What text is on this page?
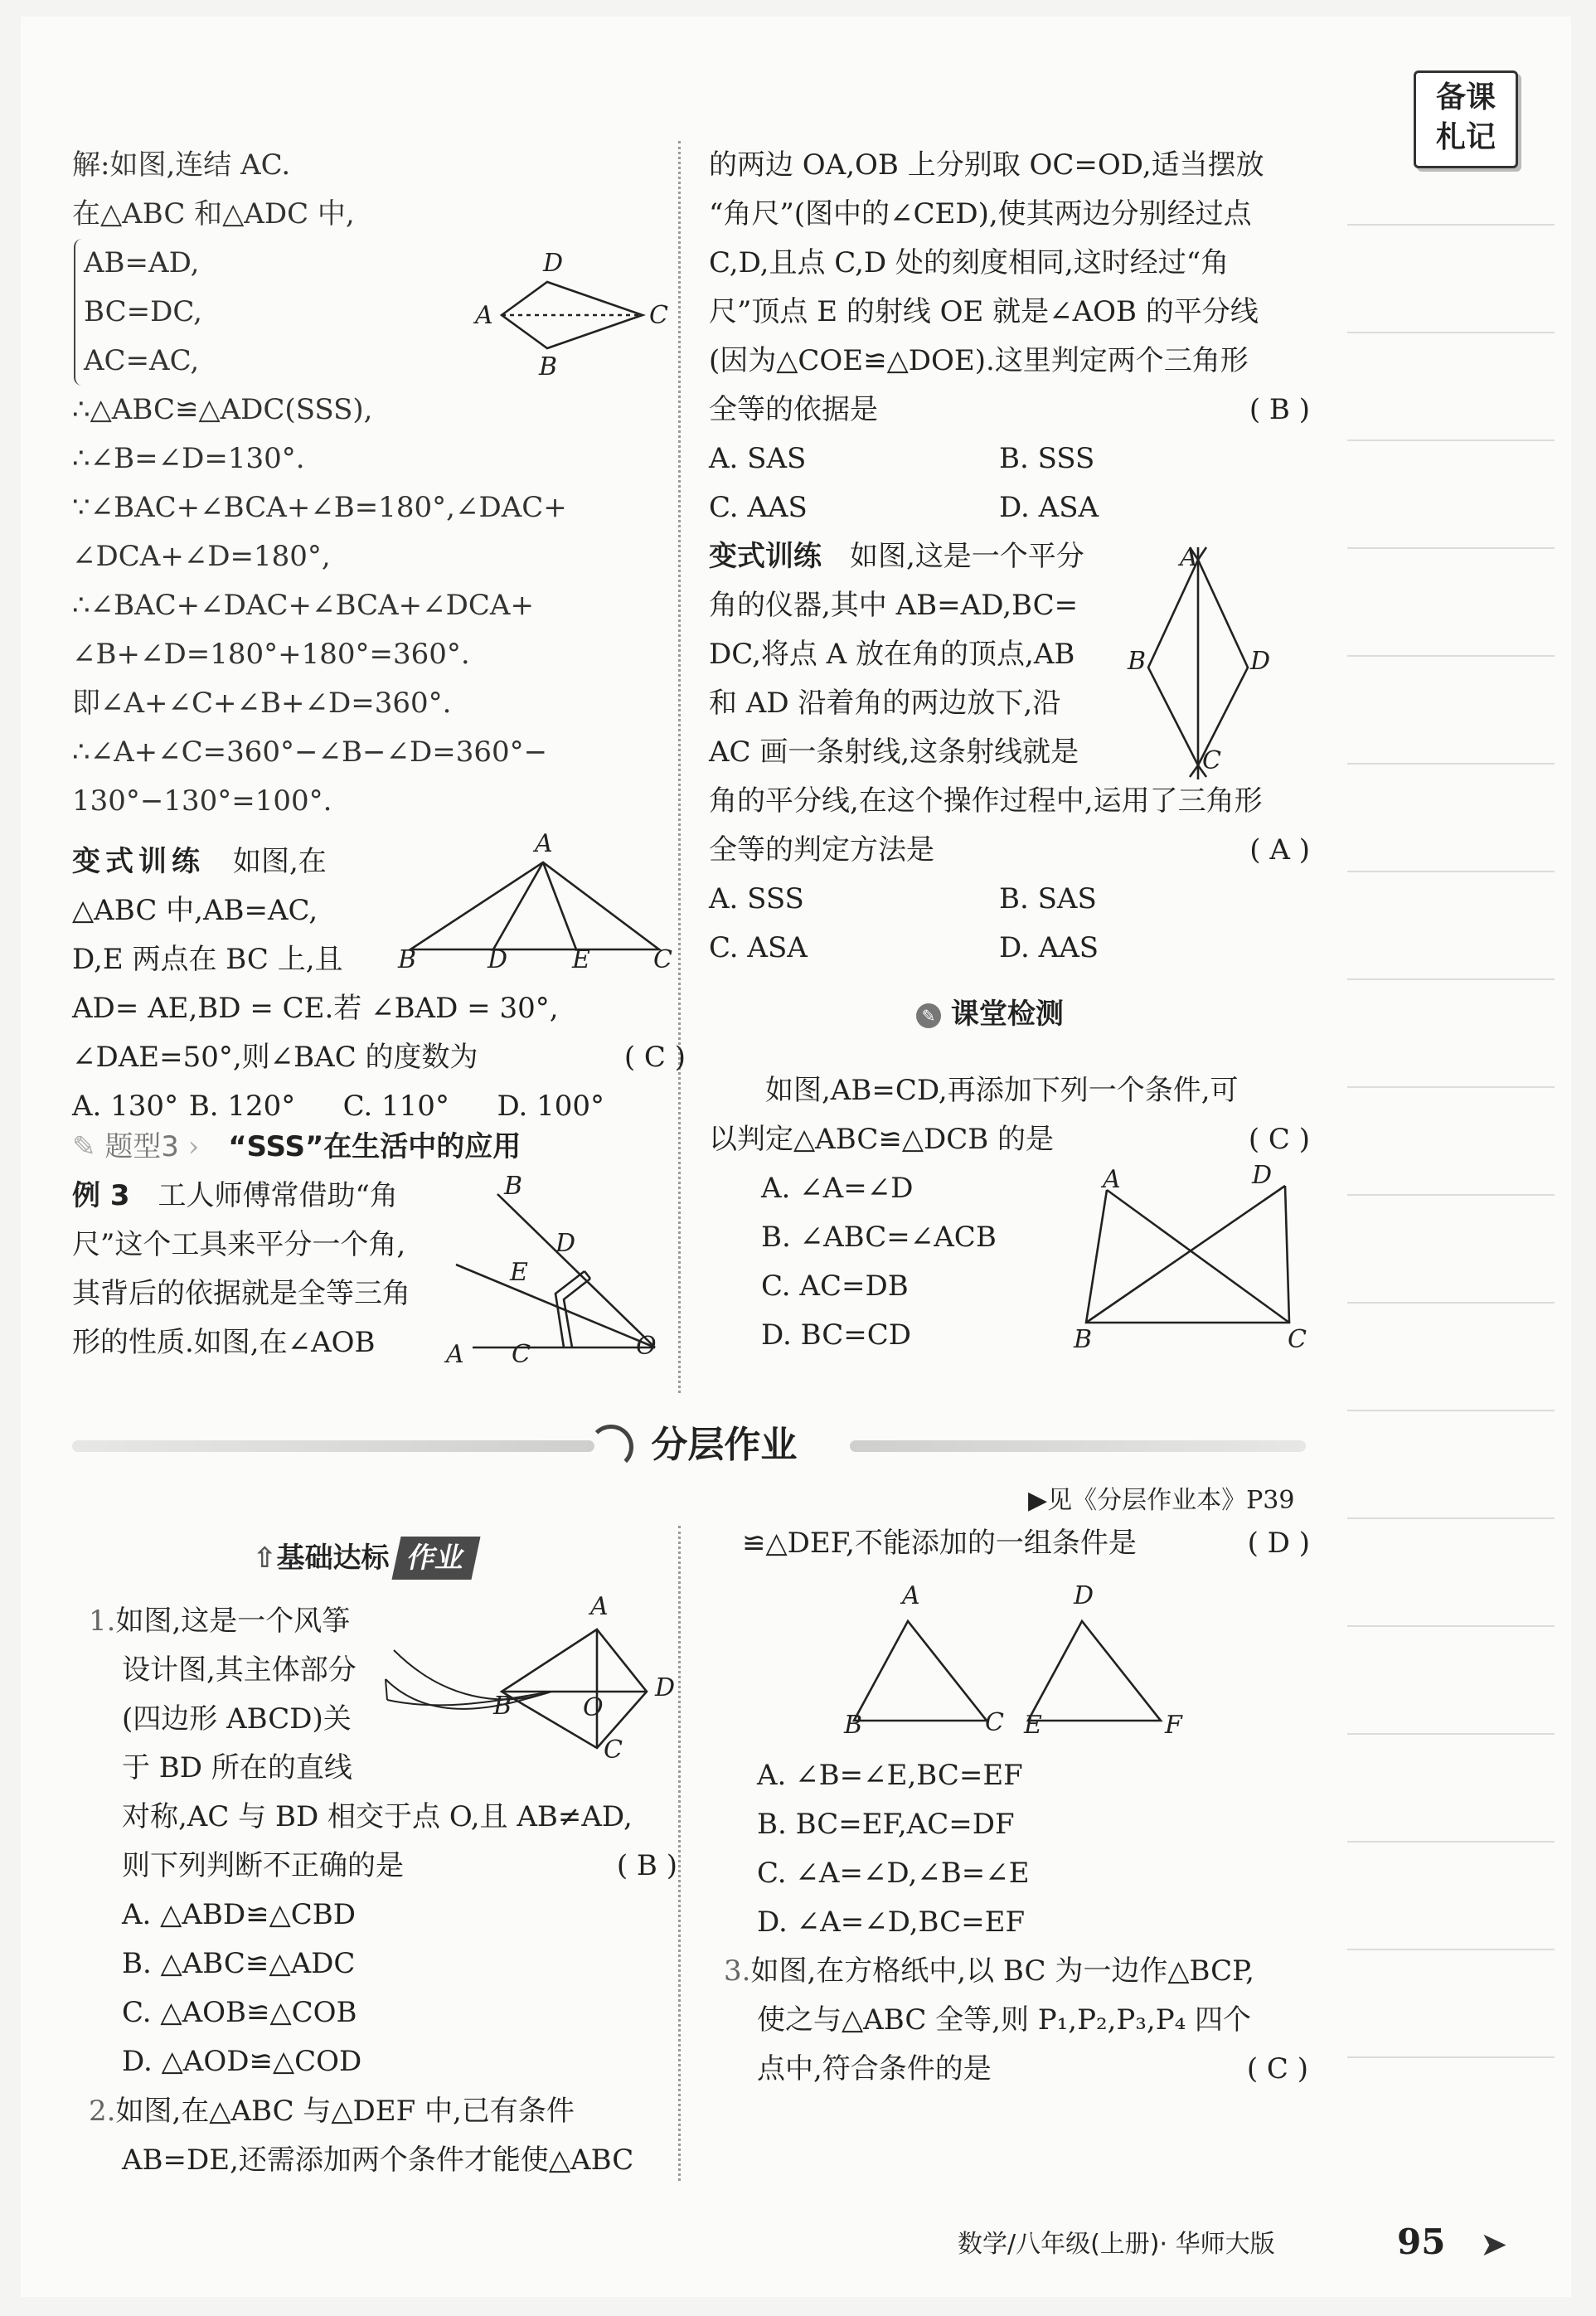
备课
札记
解:如图,连结 AC.
在△ABC 和△ADC 中,
AB=AD,
BC=DC,
AC=AC,
∴△ABC≌△ADC(SSS),
∴∠B=∠D=130°.
∵∠BAC+∠BCA+∠B=180°,∠DAC+
∠DCA+∠D=180°,
∴∠BAC+∠DAC+∠BCA+∠DCA+
∠B+∠D=180°+180°=360°.
即∠A+∠C+∠B+∠D=360°.
∴∠A+∠C=360°−∠B−∠D=360°−
130°−130°=100°.
D
A	C
B
变式训练　 如图,在
△ABC 中,AB=AC,
D,E 两点在 BC 上,且
AD= AE,BD = CE.若 ∠BAD = 30°,
∠DAE=50°,则∠BAC 的度数为	( C )
A. 130° B. 120° C. 110° D. 100°
A
B	D	E	C
✎ 题型3 › “SSS”在生活中的应用
例 3　 工人师傅常借助“角
尺”这个工具来平分一个角,
其背后的依据就是全等三角
形的性质.如图,在∠AOB
B
D
E
A C	O
的两边 OA,OB 上分别取 OC=OD,适当摆放
“角尺”(图中的∠CED),使其两边分别经过点
C,D,且点 C,D 处的刻度相同,这时经过“角
尺”顶点 E 的射线 OE 就是∠AOB 的平分线
(因为△COE≌△DOE).这里判定两个三角形
全等的依据是	( B )
A. SAS	B. SSS
C. AAS	D. ASA
变式训练　 如图,这是一个平分
角的仪器,其中 AB=AD,BC=
DC,将点 A 放在角的顶点,AB
和 AD 沿着角的两边放下,沿
AC 画一条射线,这条射线就是
角的平分线,在这个操作过程中,运用了三角形
全等的判定方法是	( A )
A. SSS	B. SAS
C. ASA	D. AAS
A
B	D
C
✎ 课堂检测
如图,AB=CD,再添加下列一个条件,可
以判定△ABC≌△DCB 的是	( C )
A. ∠A=∠D
B. ∠ABC=∠ACB
C. AC=DB
D. BC=CD
A	D
B	C
分层作业
▶见《分层作业本》P39
⇧基础达标 作业
1.如图,这是一个风筝
设计图,其主体部分
(四边形 ABCD)关
于 BD 所在的直线
对称,AC 与 BD 相交于点 O,且 AB≠AD,
则下列判断不正确的是	( B )
A. △ABD≌△CBD
B. △ABC≌△ADC
C. △AOB≌△COB
D. △AOD≌△COD
A
B	O
D
C
2.如图,在△ABC 与△DEF 中,已有条件
AB=DE,还需添加两个条件才能使△ABC
≌△DEF,不能添加的一组条件是	( D )
A
B	C
D
E	F
A. ∠B=∠E,BC=EF
B. BC=EF,AC=DF
C. ∠A=∠D,∠B=∠E
D. ∠A=∠D,BC=EF
3.如图,在方格纸中,以 BC 为一边作△BCP,
使之与△ABC 全等,则 P₁,P₂,P₃,P₄ 四个
点中,符合条件的是	( C )
数学/八年级(上册)· 华师大版	95 ➤
